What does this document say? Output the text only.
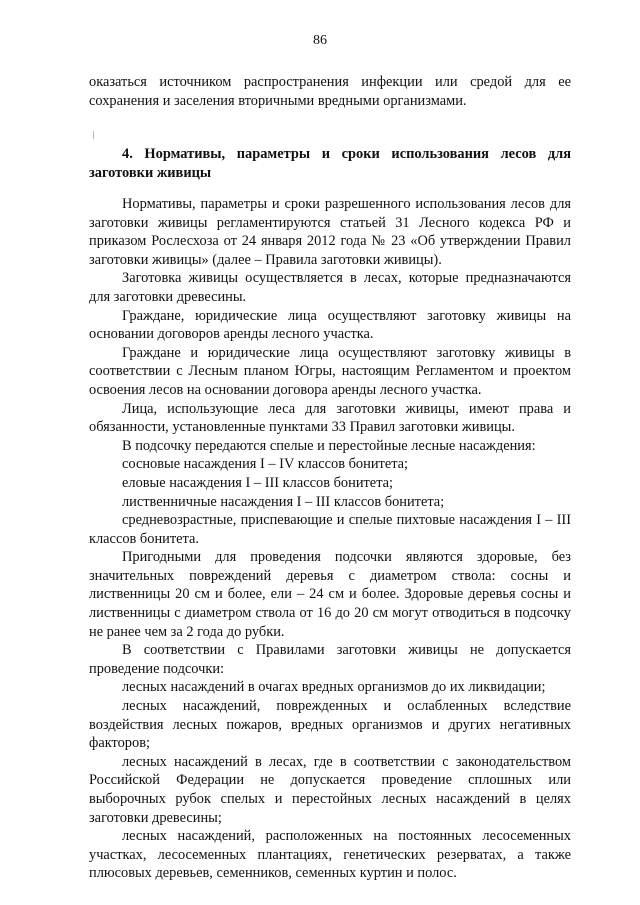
86

оказаться источником распространения инфекции или средой для ее сохранения и заселения вторичными вредными организмами.

4. Нормативы, параметры и сроки использования лесов для заготовки живицы

Нормативы, параметры и сроки разрешенного использования лесов для заготовки живицы регламентируются статьей 31 Лесного кодекса РФ и приказом Рослесхоза от 24 января 2012 года № 23 «Об утверждении Правил заготовки живицы» (далее – Правила заготовки живицы).

Заготовка живицы осуществляется в лесах, которые предназначаются для заготовки древесины.

Граждане, юридические лица осуществляют заготовку живицы на основании договоров аренды лесного участка.

Граждане и юридические лица осуществляют заготовку живицы в соответствии с Лесным планом Югры, настоящим Регламентом и проектом освоения лесов на основании договора аренды лесного участка.

Лица, использующие леса для заготовки живицы, имеют права и обязанности, установленные пунктами 33 Правил заготовки живицы.

В подсочку передаются спелые и перестойные лесные насаждения:

сосновые насаждения I – IV классов бонитета;

еловые насаждения I – III классов бонитета;

лиственничные насаждения I – III классов бонитета;

средневозрастные, приспевающие и спелые пихтовые насаждения I – III классов бонитета.

Пригодными для проведения подсочки являются здоровые, без значительных повреждений деревья с диаметром ствола: сосны и лиственницы 20 см и более, ели – 24 см и более. Здоровые деревья сосны и лиственницы с диаметром ствола от 16 до 20 см могут отводиться в подсочку не ранее чем за 2 года до рубки.

В соответствии с Правилами заготовки живицы не допускается проведение подсочки:

лесных насаждений в очагах вредных организмов до их ликвидации;

лесных насаждений, поврежденных и ослабленных вследствие воздействия лесных пожаров, вредных организмов и других негативных факторов;

лесных насаждений в лесах, где в соответствии с законодательством Российской Федерации не допускается проведение сплошных или выборочных рубок спелых и перестойных лесных насаждений в целях заготовки древесины;

лесных насаждений, расположенных на постоянных лесосеменных участках, лесосеменных плантациях, генетических резерватах, а также плюсовых деревьев, семенников, семенных куртин и полос.
